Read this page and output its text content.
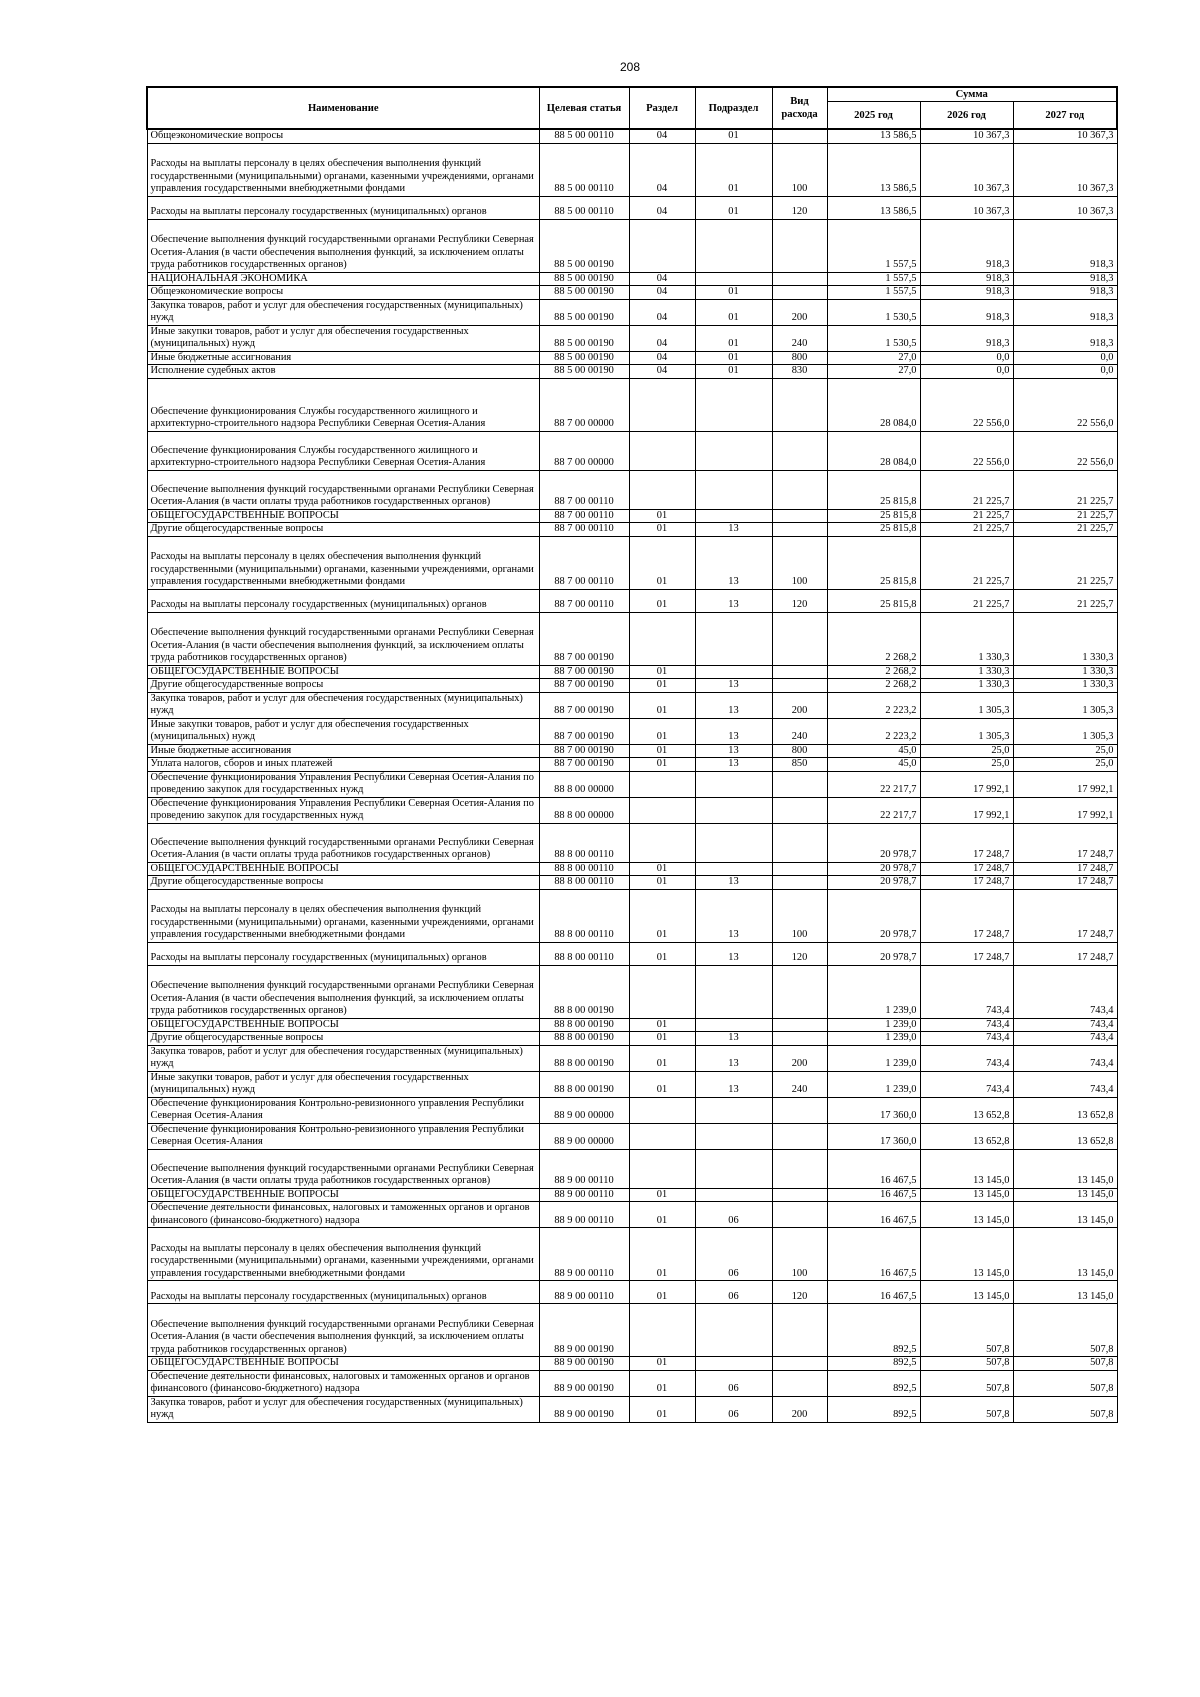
208
Наименование	Целевая статья	Раздел	Подраздел	Вид расхода	Сумма		
					2025 год	2026 год	2027 год
Общеэкономические вопросы	88 5 00 00110	04	01		13 586,5	10 367,3	10 367,3
Расходы на выплаты персоналу в целях обеспечения выполнения функций государственными (муниципальными) органами, казенными учреждениями, органами управления государственными внебюджетными фондами	88 5 00 00110	04	01	100	13 586,5	10 367,3	10 367,3
Расходы на выплаты персоналу государственных (муниципальных) органов	88 5 00 00110	04	01	120	13 586,5	10 367,3	10 367,3
Обеспечение выполнения функций государственными органами Республики Северная Осетия-Алания (в части обеспечения выполнения функций, за исключением оплаты труда работников государственных органов)	88 5 00 00190				1 557,5	918,3	918,3
НАЦИОНАЛЬНАЯ ЭКОНОМИКА	88 5 00 00190	04			1 557,5	918,3	918,3
Общеэкономические вопросы	88 5 00 00190	04	01		1 557,5	918,3	918,3
Закупка товаров, работ и услуг для обеспечения государственных (муниципальных) нужд	88 5 00 00190	04	01	200	1 530,5	918,3	918,3
Иные закупки товаров, работ и услуг для обеспечения государственных (муниципальных) нужд	88 5 00 00190	04	01	240	1 530,5	918,3	918,3
Иные бюджетные ассигнования	88 5 00 00190	04	01	800	27,0	0,0	0,0
Исполнение судебных актов	88 5 00 00190	04	01	830	27,0	0,0	0,0
Обеспечение функционирования Службы государственного жилищного и архитектурно-строительного надзора Республики Северная Осетия-Алания	88 7 00 00000				28 084,0	22 556,0	22 556,0
Обеспечение функционирования Службы государственного жилищного и архитектурно-строительного надзора Республики Северная Осетия-Алания	88 7 00 00000				28 084,0	22 556,0	22 556,0
Обеспечение выполнения функций государственными органами Республики Северная Осетия-Алания (в части оплаты труда работников государственных органов)	88 7 00 00110				25 815,8	21 225,7	21 225,7
ОБЩЕГОСУДАРСТВЕННЫЕ ВОПРОСЫ	88 7 00 00110	01			25 815,8	21 225,7	21 225,7
Другие общегосударственные вопросы	88 7 00 00110	01	13		25 815,8	21 225,7	21 225,7
Расходы на выплаты персоналу в целях обеспечения выполнения функций государственными (муниципальными) органами, казенными учреждениями, органами управления государственными внебюджетными фондами	88 7 00 00110	01	13	100	25 815,8	21 225,7	21 225,7
Расходы на выплаты персоналу государственных (муниципальных) органов	88 7 00 00110	01	13	120	25 815,8	21 225,7	21 225,7
Обеспечение выполнения функций государственными органами Республики Северная Осетия-Алания (в части обеспечения выполнения функций, за исключением оплаты труда работников государственных органов)	88 7 00 00190				2 268,2	1 330,3	1 330,3
ОБЩЕГОСУДАРСТВЕННЫЕ ВОПРОСЫ	88 7 00 00190	01			2 268,2	1 330,3	1 330,3
Другие общегосударственные вопросы	88 7 00 00190	01	13		2 268,2	1 330,3	1 330,3
Закупка товаров, работ и услуг для обеспечения государственных (муниципальных) нужд	88 7 00 00190	01	13	200	2 223,2	1 305,3	1 305,3
Иные закупки товаров, работ и услуг для обеспечения государственных (муниципальных) нужд	88 7 00 00190	01	13	240	2 223,2	1 305,3	1 305,3
Иные бюджетные ассигнования	88 7 00 00190	01	13	800	45,0	25,0	25,0
Уплата налогов, сборов и иных платежей	88 7 00 00190	01	13	850	45,0	25,0	25,0
Обеспечение функционирования Управления Республики Северная Осетия-Алания по проведению закупок для государственных нужд	88 8 00 00000				22 217,7	17 992,1	17 992,1
Обеспечение функционирования Управления Республики Северная Осетия-Алания по проведению закупок для государственных нужд	88 8 00 00000				22 217,7	17 992,1	17 992,1
Обеспечение выполнения функций государственными органами Республики Северная Осетия-Алания (в части оплаты труда работников государственных органов)	88 8 00 00110				20 978,7	17 248,7	17 248,7
ОБЩЕГОСУДАРСТВЕННЫЕ ВОПРОСЫ	88 8 00 00110	01			20 978,7	17 248,7	17 248,7
Другие общегосударственные вопросы	88 8 00 00110	01	13		20 978,7	17 248,7	17 248,7
Расходы на выплаты персоналу в целях обеспечения выполнения функций государственными (муниципальными) органами, казенными учреждениями, органами управления государственными внебюджетными фондами	88 8 00 00110	01	13	100	20 978,7	17 248,7	17 248,7
Расходы на выплаты персоналу государственных (муниципальных) органов	88 8 00 00110	01	13	120	20 978,7	17 248,7	17 248,7
Обеспечение выполнения функций государственными органами Республики Северная Осетия-Алания (в части обеспечения выполнения функций, за исключением оплаты труда работников государственных органов)	88 8 00 00190				1 239,0	743,4	743,4
ОБЩЕГОСУДАРСТВЕННЫЕ ВОПРОСЫ	88 8 00 00190	01			1 239,0	743,4	743,4
Другие общегосударственные вопросы	88 8 00 00190	01	13		1 239,0	743,4	743,4
Закупка товаров, работ и услуг для обеспечения государственных (муниципальных) нужд	88 8 00 00190	01	13	200	1 239,0	743,4	743,4
Иные закупки товаров, работ и услуг для обеспечения государственных (муниципальных) нужд	88 8 00 00190	01	13	240	1 239,0	743,4	743,4
Обеспечение функционирования Контрольно-ревизионного управления Республики Северная Осетия-Алания	88 9 00 00000				17 360,0	13 652,8	13 652,8
Обеспечение функционирования Контрольно-ревизионного управления Республики Северная Осетия-Алания	88 9 00 00000				17 360,0	13 652,8	13 652,8
Обеспечение выполнения функций государственными органами Республики Северная Осетия-Алания (в части оплаты труда работников государственных органов)	88 9 00 00110				16 467,5	13 145,0	13 145,0
ОБЩЕГОСУДАРСТВЕННЫЕ ВОПРОСЫ	88 9 00 00110	01			16 467,5	13 145,0	13 145,0
Обеспечение деятельности финансовых, налоговых и таможенных органов и органов финансового (финансово-бюджетного) надзора	88 9 00 00110	01	06		16 467,5	13 145,0	13 145,0
Расходы на выплаты персоналу в целях обеспечения выполнения функций государственными (муниципальными) органами, казенными учреждениями, органами управления государственными внебюджетными фондами	88 9 00 00110	01	06	100	16 467,5	13 145,0	13 145,0
Расходы на выплаты персоналу государственных (муниципальных) органов	88 9 00 00110	01	06	120	16 467,5	13 145,0	13 145,0
Обеспечение выполнения функций государственными органами Республики Северная Осетия-Алания (в части обеспечения выполнения функций, за исключением оплаты труда работников государственных органов)	88 9 00 00190				892,5	507,8	507,8
ОБЩЕГОСУДАРСТВЕННЫЕ ВОПРОСЫ	88 9 00 00190	01			892,5	507,8	507,8
Обеспечение деятельности финансовых, налоговых и таможенных органов и органов финансового (финансово-бюджетного) надзора	88 9 00 00190	01	06		892,5	507,8	507,8
Закупка товаров, работ и услуг для обеспечения государственных (муниципальных) нужд	88 9 00 00190	01	06	200	892,5	507,8	507,8
